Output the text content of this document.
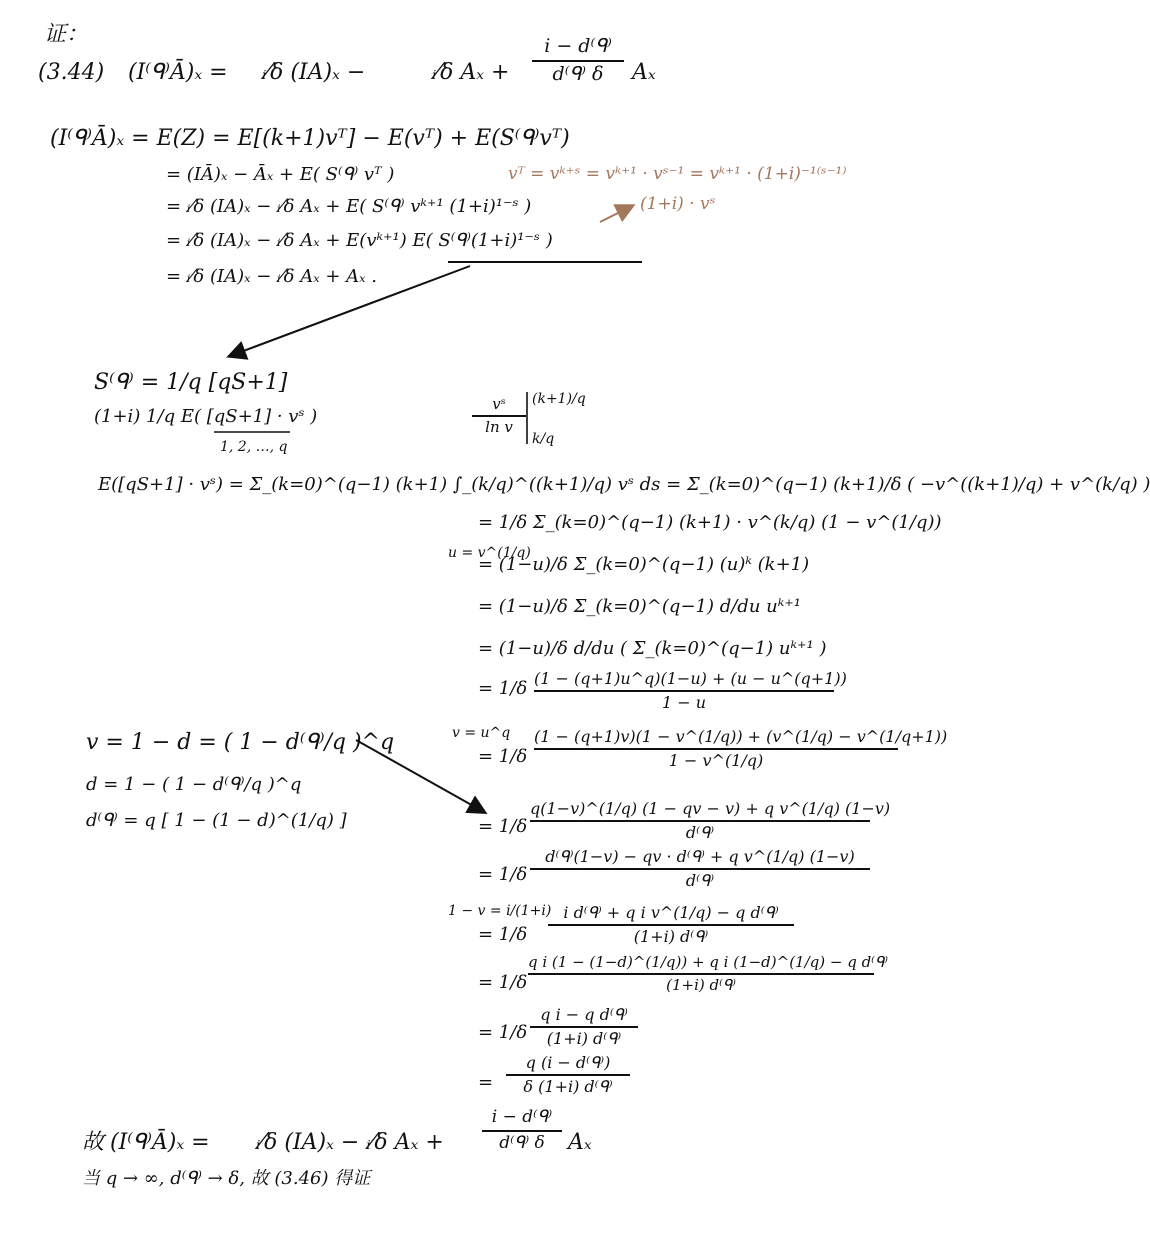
证：
(3.44) (I⁽ᑫ⁾Ā)ₓ = ᵢ⁄δ (IA)ₓ −	ᵢ⁄δ Aₓ +
i − d⁽ᑫ⁾
d⁽ᑫ⁾ δ	Aₓ
(I⁽ᑫ⁾Ā)ₓ = E(Z) = E[(k+1)vᵀ] − E(vᵀ) + E(S⁽ᑫ⁾vᵀ)
= (IĀ)ₓ − Āₓ + E( S⁽ᑫ⁾ vᵀ )
= ᵢ⁄δ (IA)ₓ − ᵢ⁄δ Aₓ + E( S⁽ᑫ⁾ vᵏ⁺¹ (1+i)¹⁻ˢ )
= ᵢ⁄δ (IA)ₓ − ᵢ⁄δ Aₓ + E(vᵏ⁺¹) E( S⁽ᑫ⁾(1+i)¹⁻ˢ )
= ᵢ⁄δ (IA)ₓ − ᵢ⁄δ Aₓ + Aₓ .
vᵀ = vᵏ⁺ˢ = vᵏ⁺¹ · vˢ⁻¹ = vᵏ⁺¹ · (1+i)⁻¹⁽ˢ⁻¹⁾
(1+i) · vˢ
S⁽ᑫ⁾ = 1/q [qS+1]
(1+i) 1/q E( [qS+1] · vˢ )
1, 2, …, q
vˢ
ln v
(k+1)/q
k/q
E([qS+1] · vˢ) = Σ_(k=0)^(q−1) (k+1) ∫_(k/q)^((k+1)/q) vˢ ds = Σ_(k=0)^(q−1) (k+1)/δ ( −v^((k+1)/q) + v^(k/q) )
= 1/δ Σ_(k=0)^(q−1) (k+1) · v^(k/q) (1 − v^(1/q))
u = v^(1/q)
= (1−u)/δ Σ_(k=0)^(q−1) (u)ᵏ (k+1)
= (1−u)/δ Σ_(k=0)^(q−1) d/du uᵏ⁺¹
= (1−u)/δ d/du ( Σ_(k=0)^(q−1) uᵏ⁺¹ )
= 1/δ (1 − (q+1)u^q)(1−u) + (u − u^(q+1))
1 − u
v = u^q
= 1/δ
(1 − (q+1)v)(1 − v^(1/q)) + (v^(1/q) − v^(1/q+1))
1 − v^(1/q)
= 1/δ
q(1−v)^(1/q) (1 − qv − v) + q v^(1/q) (1−v)
d⁽ᑫ⁾
= 1/δ
d⁽ᑫ⁾(1−v) − qv · d⁽ᑫ⁾ + q v^(1/q) (1−v)
d⁽ᑫ⁾
1 − v = i/(1+i)
= 1/δ
i d⁽ᑫ⁾ + q i v^(1/q) − q d⁽ᑫ⁾
(1+i) d⁽ᑫ⁾
= 1/δ
q i (1 − (1−d)^(1/q)) + q i (1−d)^(1/q) − q d⁽ᑫ⁾
(1+i) d⁽ᑫ⁾
= 1/δ
q i − q d⁽ᑫ⁾
(1+i) d⁽ᑫ⁾
=
q (i − d⁽ᑫ⁾)
δ (1+i) d⁽ᑫ⁾
v = 1 − d = ( 1 − d⁽ᑫ⁾/q )^q
d = 1 − ( 1 − d⁽ᑫ⁾/q )^q
d⁽ᑫ⁾ = q [ 1 − (1 − d)^(1/q) ]
故 (I⁽ᑫ⁾Ā)ₓ = ᵢ⁄δ (IA)ₓ − ᵢ⁄δ Aₓ +
i − d⁽ᑫ⁾
d⁽ᑫ⁾ δ	Aₓ
当 q → ∞, d⁽ᑫ⁾ → δ, 故 (3.46) 得证
